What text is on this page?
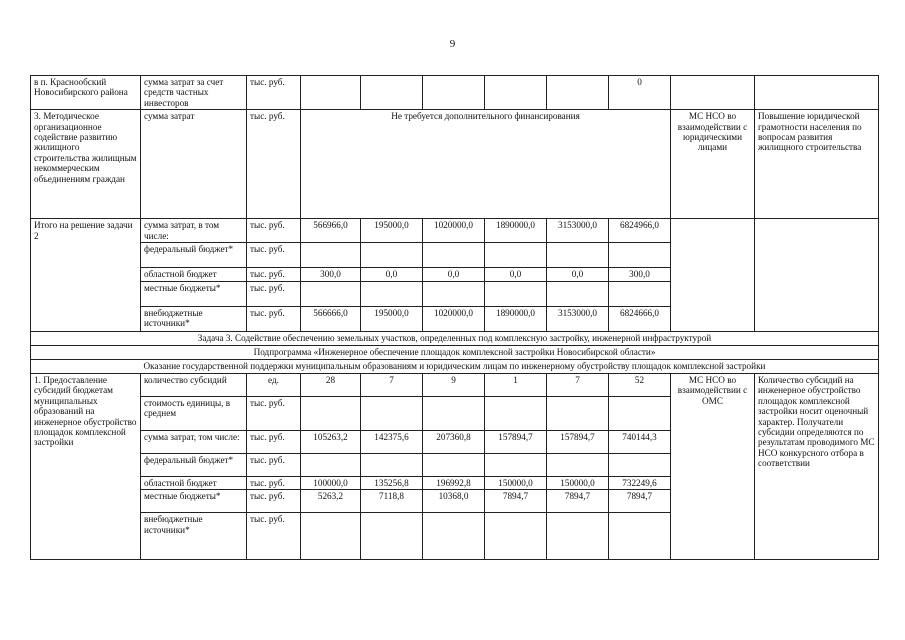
9
в п. Краснообский Новосибирского района	сумма затрат за счет средств частных инвесторов	тыс. руб.						0		
3. Методическое организационное содействие развитию жилищного строительства жилищным некоммерческим объединениям граждан	сумма затрат	тыс. руб.	Не требуется дополнительного финансирования						МС НСО во взаимодействии с юридическими лицами	Повышение юридической грамотности населения по вопросам развития жилищного строительства
Итого на решение задачи 2	сумма затрат, в том числе:	тыс. руб.	566966,0	195000,0	1020000,0	1890000,0	3153000,0	6824966,0		
	федеральный бюджет*	тыс. руб.								
	областной бюджет	тыс. руб.	300,0	0,0	0,0	0,0	0,0	300,0		
	местные бюджеты*	тыс. руб.								
	внебюджетные источники*	тыс. руб.	566666,0	195000,0	1020000,0	1890000,0	3153000,0	6824666,0		
Задача 3. Содействие обеспечению земельных участков, определенных под комплексную застройку, инженерной инфраструктурой										
Подпрограмма «Инженерное обеспечение площадок комплексной застройки Новосибирской области»										
Оказание государственной поддержки муниципальным образованиям и юридическим лицам по инженерному обустройству площадок комплексной застройки										
1. Предоставление субсидий бюджетам муниципальных образований на инженерное обустройство площадок комплексной застройки	количество субсидий	ед.	28	7	9	1	7	52	МС НСО во взаимодействии с ОМС	Количество субсидий на инженерное обустройство площадок комплексной застройки носит оценочный характер. Получатели субсидии определяются по результатам проводимого МС НСО конкурсного отбора в соответствии
	стоимость единицы, в среднем	тыс. руб.								
	сумма затрат, том числе:	тыс. руб.	105263,2	142375,6	207360,8	157894,7	157894,7	740144,3		
	федеральный бюджет*	тыс. руб.								
	областной бюджет	тыс. руб.	100000,0	135256,8	196992,8	150000,0	150000,0	732249,6		
	местные бюджеты*	тыс. руб.	5263,2	7118,8	10368,0	7894,7	7894,7	7894,7		
	внебюджетные источники*	тыс. руб.								
